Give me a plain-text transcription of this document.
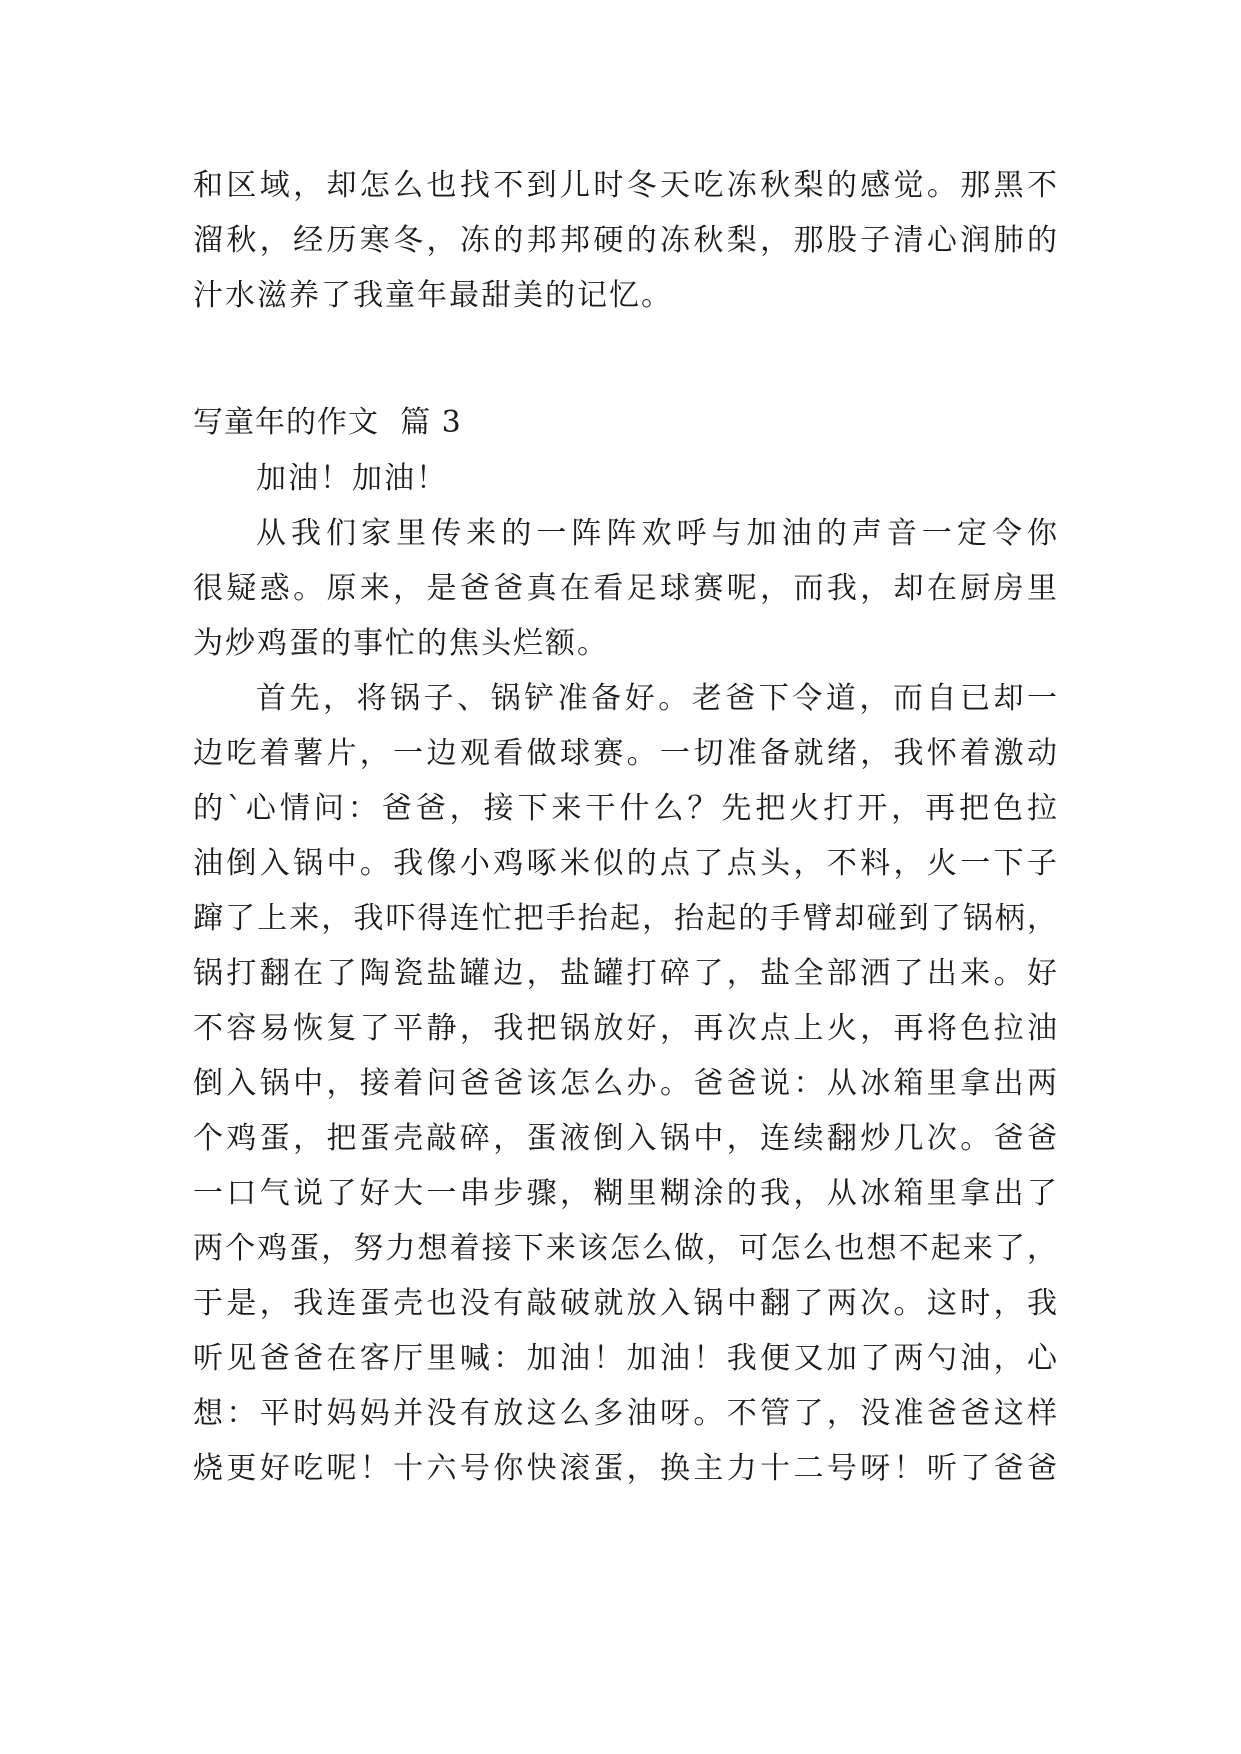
和区域，却怎么也找不到儿时冬天吃冻秋梨的感觉。那黑不
溜秋，经历寒冬，冻的邦邦硬的冻秋梨，那股子清心润肺的
汁水滋养了我童年最甜美的记忆。
写童年的作文  篇 3
加油！加油！
从我们家里传来的一阵阵欢呼与加油的声音一定令你
很疑惑。原来，是爸爸真在看足球赛呢，而我，却在厨房里
为炒鸡蛋的事忙的焦头烂额。
首先，将锅子、锅铲准备好。老爸下令道，而自已却一
边吃着薯片，一边观看做球赛。一切准备就绪，我怀着激动
的`心情问：爸爸，接下来干什么？先把火打开，再把色拉
油倒入锅中。我像小鸡啄米似的点了点头，不料，火一下子
蹿了上来，我吓得连忙把手抬起，抬起的手臂却碰到了锅柄，
锅打翻在了陶瓷盐罐边，盐罐打碎了，盐全部洒了出来。好
不容易恢复了平静，我把锅放好，再次点上火，再将色拉油
倒入锅中，接着问爸爸该怎么办。爸爸说：从冰箱里拿出两
个鸡蛋，把蛋壳敲碎，蛋液倒入锅中，连续翻炒几次。爸爸
一口气说了好大一串步骤，糊里糊涂的我，从冰箱里拿出了
两个鸡蛋，努力想着接下来该怎么做，可怎么也想不起来了，
于是，我连蛋壳也没有敲破就放入锅中翻了两次。这时，我
听见爸爸在客厅里喊：加油！加油！我便又加了两勺油，心
想：平时妈妈并没有放这么多油呀。不管了，没准爸爸这样
烧更好吃呢！十六号你快滚蛋，换主力十二号呀！听了爸爸
